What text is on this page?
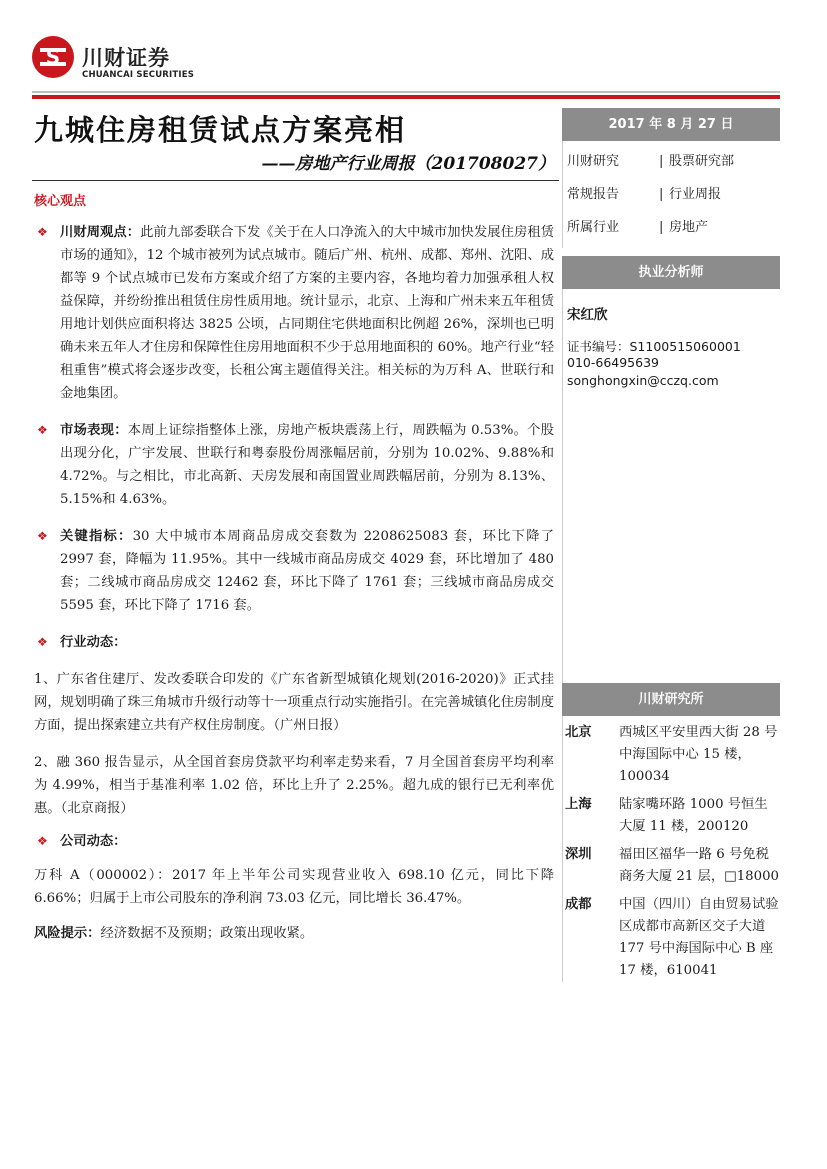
S 川财证券
CHUANCAI SECURITIES
九城住房租赁试点方案亮相
——房地产行业周报（201708027）
核心观点
❖ 川财周观点：此前九部委联合下发《关于在人口净流入的大中城市加快发展住房租赁市场的通知》，12 个城市被列为试点城市。随后广州、杭州、成都、郑州、沈阳、成都等 9 个试点城市已发布方案或介绍了方案的主要内容，各地均着力加强承租人权益保障，并纷纷推出租赁住房性质用地。统计显示，北京、上海和广州未来五年租赁用地计划供应面积将达 3825 公顷，占同期住宅供地面积比例超 26%，深圳也已明确未来五年人才住房和保障性住房用地面积不少于总用地面积的 60%。地产行业“轻租重售”模式将会逐步改变，长租公寓主题值得关注。相关标的为万科 A、世联行和金地集团。
❖ 市场表现：本周上证综指整体上涨，房地产板块震荡上行，周跌幅为 0.53%。个股出现分化，广宇发展、世联行和粤泰股份周涨幅居前，分别为 10.02%、9.88%和 4.72%。与之相比，市北高新、天房发展和南国置业周跌幅居前，分别为 8.13%、5.15%和 4.63%。
❖ 关键指标：30 大中城市本周商品房成交套数为 2208625083 套，环比下降了 2997 套，降幅为 11.95%。其中一线城市商品房成交 4029 套，环比增加了 480 套；二线城市商品房成交 12462 套，环比下降了 1761 套；三线城市商品房成交 5595 套，环比下降了 1716 套。
❖ 行业动态：
1、广东省住建厅、发改委联合印发的《广东省新型城镇化规划(2016-2020)》正式挂网，规划明确了珠三角城市升级行动等十一项重点行动实施指引。在完善城镇化住房制度方面，提出探索建立共有产权住房制度。（广州日报）
2、融 360 报告显示，从全国首套房贷款平均利率走势来看，7 月全国首套房平均利率为 4.99%，相当于基准利率 1.02 倍，环比上升了 2.25%。超九成的银行已无利率优惠。（北京商报）
❖ 公司动态：
万科 A（000002）：2017 年上半年公司实现营业收入 698.10 亿元，同比下降 6.66%；归属于上市公司股东的净利润 73.03 亿元，同比增长 36.47%。
风险提示：经济数据不及预期；政策出现收紧。
2017 年 8 月 27 日
川财研究	| 股票研究部
常规报告	| 行业周报
所属行业	| 房地产
执业分析师
宋红欣
证书编号：S1100515060001
010-66495639
songhongxin@cczq.com
川财研究所
北京 西城区平安里西大街 28 号中海国际中心 15 楼，100034
上海 陆家嘴环路 1000 号恒生大厦 11 楼，200120
深圳 福田区福华一路 6 号免税商务大厦 21 层，□18000
成都 中国（四川）自由贸易试验区成都市高新区交子大道 177 号中海国际中心 B 座 17 楼，610041
